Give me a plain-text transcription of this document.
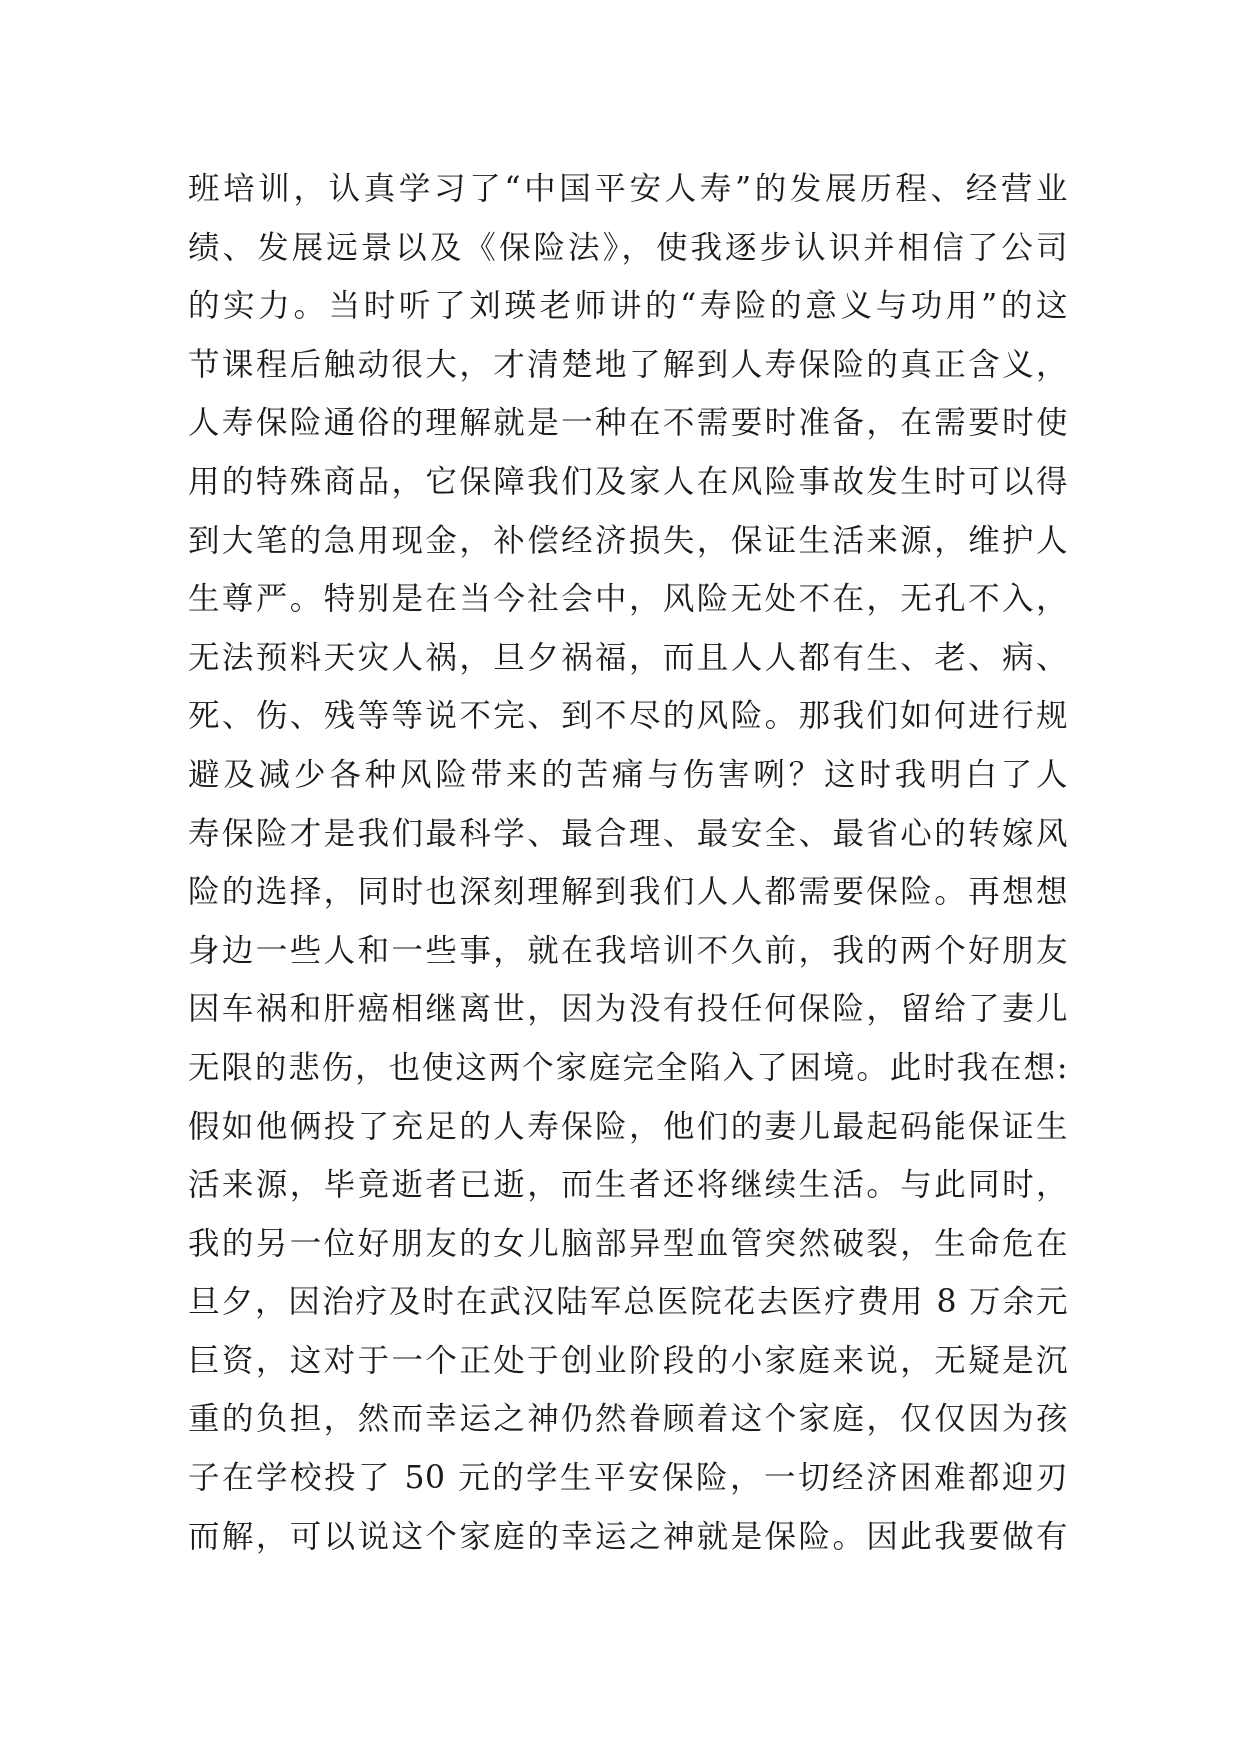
班培训，认真学习了“中国平安人寿”的发展历程、经营业
绩、发展远景以及《保险法》，使我逐步认识并相信了公司
的实力。当时听了刘瑛老师讲的“寿险的意义与功用”的这
节课程后触动很大，才清楚地了解到人寿保险的真正含义，
人寿保险通俗的理解就是一种在不需要时准备，在需要时使
用的特殊商品，它保障我们及家人在风险事故发生时可以得
到大笔的急用现金，补偿经济损失，保证生活来源，维护人
生尊严。特别是在当今社会中，风险无处不在，无孔不入，
无法预料天灾人祸，旦夕祸福，而且人人都有生、老、病、
死、伤、残等等说不完、到不尽的风险。那我们如何进行规
避及减少各种风险带来的苦痛与伤害咧？这时我明白了人
寿保险才是我们最科学、最合理、最安全、最省心的转嫁风
险的选择，同时也深刻理解到我们人人都需要保险。再想想
身边一些人和一些事，就在我培训不久前，我的两个好朋友
因车祸和肝癌相继离世，因为没有投任何保险，留给了妻儿
无限的悲伤，也使这两个家庭完全陷入了困境。此时我在想:
假如他俩投了充足的人寿保险，他们的妻儿最起码能保证生
活来源，毕竟逝者已逝，而生者还将继续生活。与此同时，
我的另一位好朋友的女儿脑部异型血管突然破裂，生命危在
旦夕，因治疗及时在武汉陆军总医院花去医疗费用 8 万余元
巨资，这对于一个正处于创业阶段的小家庭来说，无疑是沉
重的负担，然而幸运之神仍然眷顾着这个家庭，仅仅因为孩
子在学校投了 50 元的学生平安保险，一切经济困难都迎刃
而解，可以说这个家庭的幸运之神就是保险。因此我要做有
